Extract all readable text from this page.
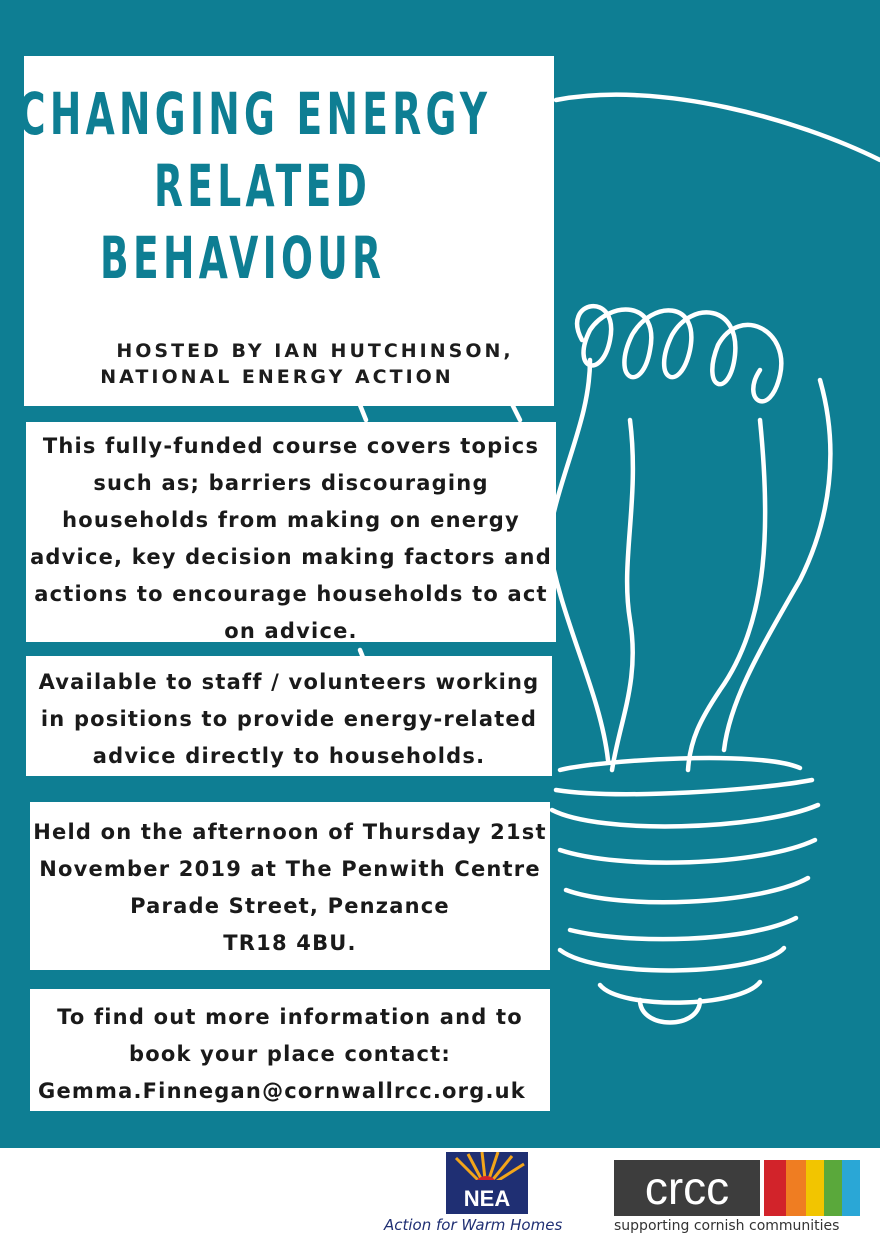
CHANGING ENERGY
RELATED
BEHAVIOUR
HOSTED BY IAN HUTCHINSON,
NATIONAL ENERGY ACTION
This fully-funded course covers topics
such as; barriers discouraging
households from making on energy
advice, key decision making factors and
actions to encourage households to act
on advice.
Available to staff / volunteers working
in positions to provide energy-related
advice directly to households.
Held on the afternoon of Thursday 21st
November 2019 at The Penwith Centre
Parade Street, Penzance
TR18 4BU.
To find out more information and to
book your place contact:
Gemma.Finnegan@cornwallrcc.org.uk
NEA
Action for Warm Homes
crcc
supporting cornish communities
